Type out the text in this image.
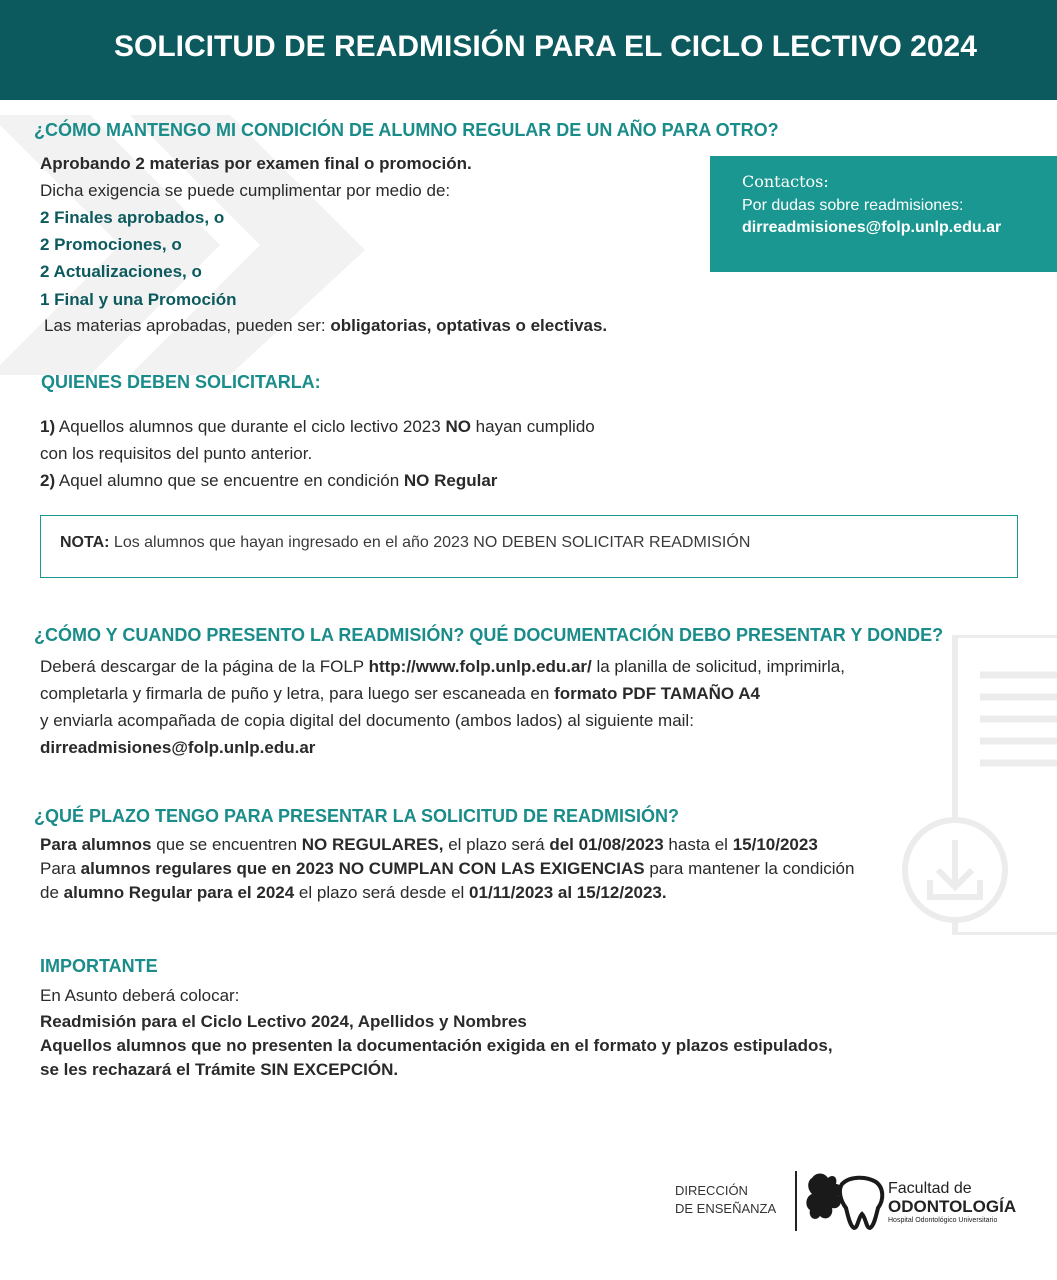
SOLICITUD DE READMISIÓN PARA EL CICLO LECTIVO 2024
¿CÓMO MANTENGO MI CONDICIÓN DE ALUMNO REGULAR DE UN AÑO PARA OTRO?
Aprobando 2 materias por examen final o promoción.
Dicha exigencia se puede cumplimentar por medio de:
2 Finales aprobados, o
2 Promociones, o
2 Actualizaciones, o
1 Final y una Promoción
Las materias aprobadas, pueden ser: obligatorias, optativas o electivas.
Contactos:
Por dudas sobre readmisiones:
dirreadmisiones@folp.unlp.edu.ar
QUIENES DEBEN SOLICITARLA:
1) Aquellos alumnos que durante el ciclo lectivo 2023 NO hayan cumplido
con los requisitos del punto anterior.
2) Aquel alumno que se encuentre en condición NO Regular
NOTA: Los alumnos que hayan ingresado en el año 2023 NO DEBEN SOLICITAR READMISIÓN
¿CÓMO Y CUANDO PRESENTO LA READMISIÓN? QUÉ DOCUMENTACIÓN DEBO PRESENTAR Y DONDE?
Deberá descargar de la página de la FOLP http://www.folp.unlp.edu.ar/ la planilla de solicitud, imprimirla,
completarla y firmarla de puño y letra, para luego ser escaneada en formato PDF TAMAÑO A4
y enviarla acompañada de copia digital del documento (ambos lados) al siguiente mail:
dirreadmisiones@folp.unlp.edu.ar
¿QUÉ PLAZO TENGO PARA PRESENTAR LA SOLICITUD DE READMISIÓN?
Para alumnos que se encuentren NO REGULARES, el plazo será del 01/08/2023 hasta el 15/10/2023
Para alumnos regulares que en 2023 NO CUMPLAN CON LAS EXIGENCIAS para mantener la condición
de alumno Regular para el 2024 el plazo será desde el 01/11/2023 al 15/12/2023.
IMPORTANTE
En Asunto deberá colocar:
Readmisión para el Ciclo Lectivo 2024, Apellidos y Nombres
Aquellos alumnos que no presenten la documentación exigida en el formato y plazos estipulados,
se les rechazará el Trámite SIN EXCEPCIÓN.
DIRECCIÓN
DE ENSEÑANZA
Facultad de
ODONTOLOGÍA
Hospital Odontológico Universitario
